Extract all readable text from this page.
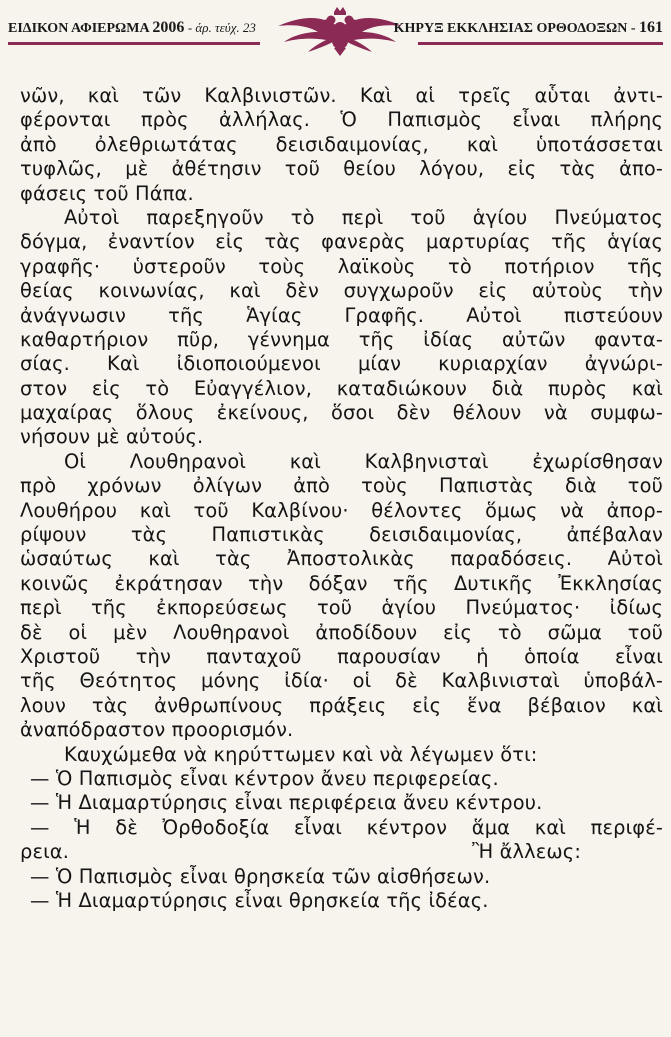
ΕΙΔΙΚΟΝ ΑΦΙΕΡΩΜΑ 2006 - άρ. τεύχ. 23	ΚΗΡΥΞ ΕΚΚΛΗΣΙΑΣ ΟΡΘΟΔΟΞΩΝ - 161
νῶν, καὶ τῶν Καλβινιστῶν. Καὶ αἱ τρεῖς αὗται ἀντι-
φέρονται πρὸς ἀλλήλας. Ὁ Παπισμὸς εἶναι πλήρης
ἀπὸ ὀλεθριωτάτας δεισιδαιμονίας, καὶ ὑποτάσσεται
τυφλῶς, μὲ ἀθέτησιν τοῦ θείου λόγου, εἰς τὰς ἀπο-
φάσεις τοῦ Πάπα.
Αὐτοὶ παρεξηγοῦν τὸ περὶ τοῦ ἁγίου Πνεύματος
δόγμα, ἐναντίον εἰς τὰς φανερὰς μαρτυρίας τῆς ἁγίας
γραφῆς· ὑστεροῦν τοὺς λαϊκοὺς τὸ ποτήριον τῆς
θείας κοινωνίας, καὶ δὲν συγχωροῦν εἰς αὐτοὺς τὴν
ἀνάγνωσιν τῆς Ἁγίας Γραφῆς. Αὐτοὶ πιστεύουν
καθαρτήριον πῦρ, γέννημα τῆς ἰδίας αὐτῶν φαντα-
σίας. Καὶ ἰδιοποιούμενοι μίαν κυριαρχίαν ἀγνώρι-
στον εἰς τὸ Εὐαγγέλιον, καταδιώκουν διὰ πυρὸς καὶ
μαχαίρας ὅλους ἐκείνους, ὅσοι δὲν θέλουν νὰ συμφω-
νήσουν μὲ αὐτούς.
Οἱ Λουθηρανοὶ καὶ Καλβηνισταὶ ἐχωρίσθησαν
πρὸ χρόνων ὀλίγων ἀπὸ τοὺς Παπιστὰς διὰ τοῦ
Λουθήρου καὶ τοῦ Καλβίνου· θέλοντες ὅμως νὰ ἀπορ-
ρίψουν τὰς Παπιστικὰς δεισιδαιμονίας, ἀπέβαλαν
ὡσαύτως καὶ τὰς Ἀποστολικὰς παραδόσεις. Αὐτοὶ
κοινῶς ἐκράτησαν τὴν δόξαν τῆς Δυτικῆς Ἐκκλησίας
περὶ τῆς ἐκπορεύσεως τοῦ ἁγίου Πνεύματος· ἰδίως
δὲ οἱ μὲν Λουθηρανοὶ ἀποδίδουν εἰς τὸ σῶμα τοῦ
Χριστοῦ τὴν πανταχοῦ παρουσίαν ἡ ὁποία εἶναι
τῆς Θεότητος μόνης ἰδία· οἱ δὲ Καλβινισταὶ ὑποβάλ-
λουν τὰς ἀνθρωπίνους πράξεις εἰς ἕνα βέβαιον καὶ
ἀναπόδραστον προορισμόν.
Καυχώμεθα νὰ κηρύττωμεν καὶ νὰ λέγωμεν ὅτι:
— Ὁ Παπισμὸς εἶναι κέντρον ἄνευ περιφερείας.
— Ἡ Διαμαρτύρησις εἶναι περιφέρεια ἄνευ κέντρου.
— Ἡ δὲ Ὀρθοδοξία εἶναι κέντρον ἅμα καὶ περιφέ-
ρεια.	Ἢ ἄλλεως:
— Ὁ Παπισμὸς εἶναι θρησκεία τῶν αἰσθήσεων.
— Ἡ Διαμαρτύρησις εἶναι θρησκεία τῆς ἰδέας.
